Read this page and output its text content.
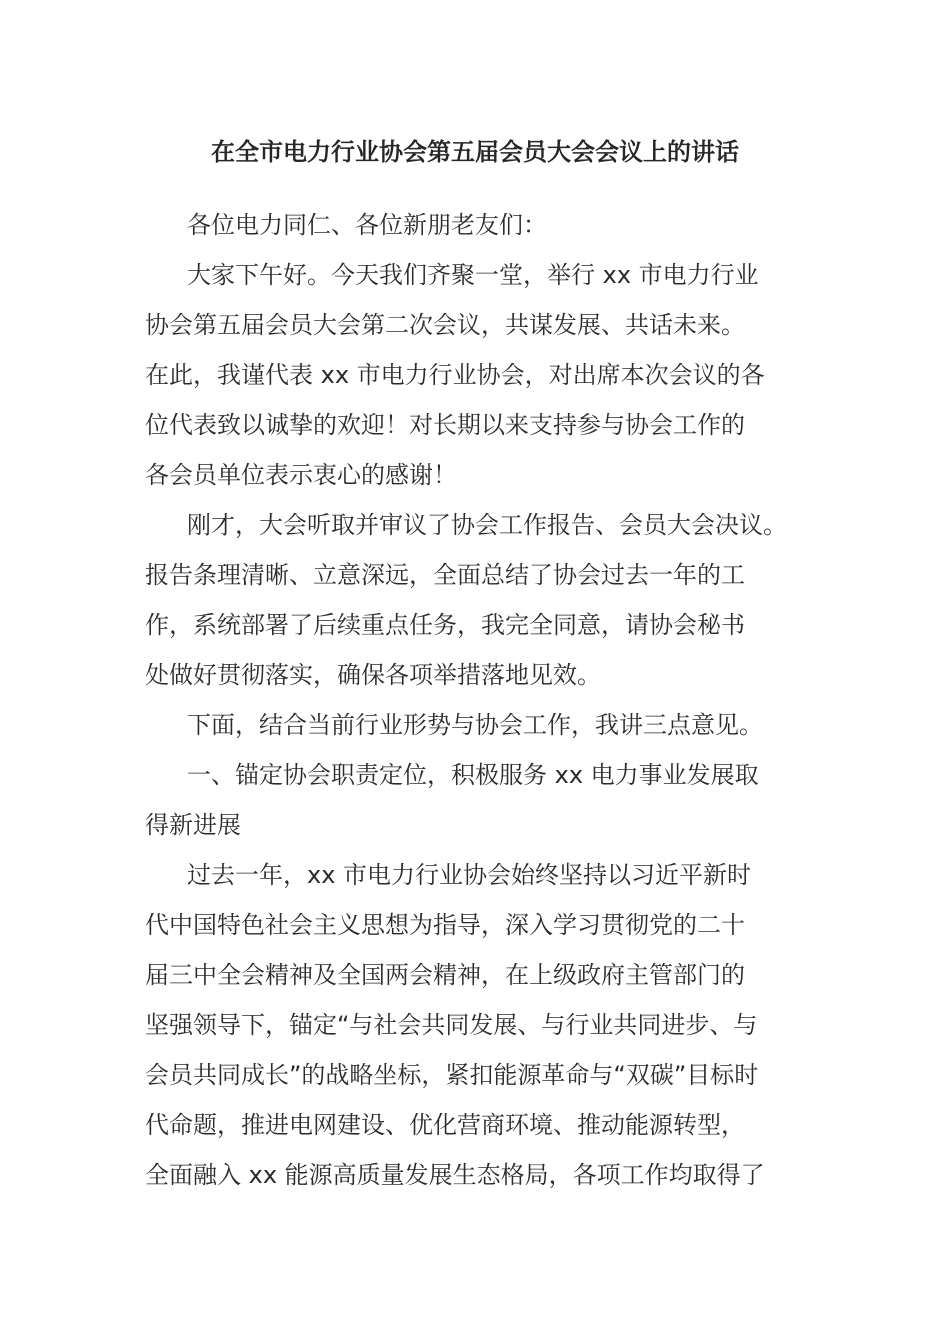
在全市电力行业协会第五届会员大会会议上的讲话
各位电力同仁、各位新朋老友们：
大家下午好。今天我们齐聚一堂，举行 xx 市电力行业
协会第五届会员大会第二次会议，共谋发展、共话未来。
在此，我谨代表 xx 市电力行业协会，对出席本次会议的各
位代表致以诚挚的欢迎！对长期以来支持参与协会工作的
各会员单位表示衷心的感谢！
刚才，大会听取并审议了协会工作报告、会员大会决议。
报告条理清晰、立意深远，全面总结了协会过去一年的工
作，系统部署了后续重点任务，我完全同意，请协会秘书
处做好贯彻落实，确保各项举措落地见效。
下面，结合当前行业形势与协会工作，我讲三点意见。
一、锚定协会职责定位，积极服务 xx 电力事业发展取
得新进展
过去一年，xx 市电力行业协会始终坚持以习近平新时
代中国特色社会主义思想为指导，深入学习贯彻党的二十
届三中全会精神及全国两会精神，在上级政府主管部门的
坚强领导下，锚定“与社会共同发展、与行业共同进步、与
会员共同成长”的战略坐标，紧扣能源革命与“双碳”目标时
代命题，推进电网建设、优化营商环境、推动能源转型，
全面融入 xx 能源高质量发展生态格局，各项工作均取得了
